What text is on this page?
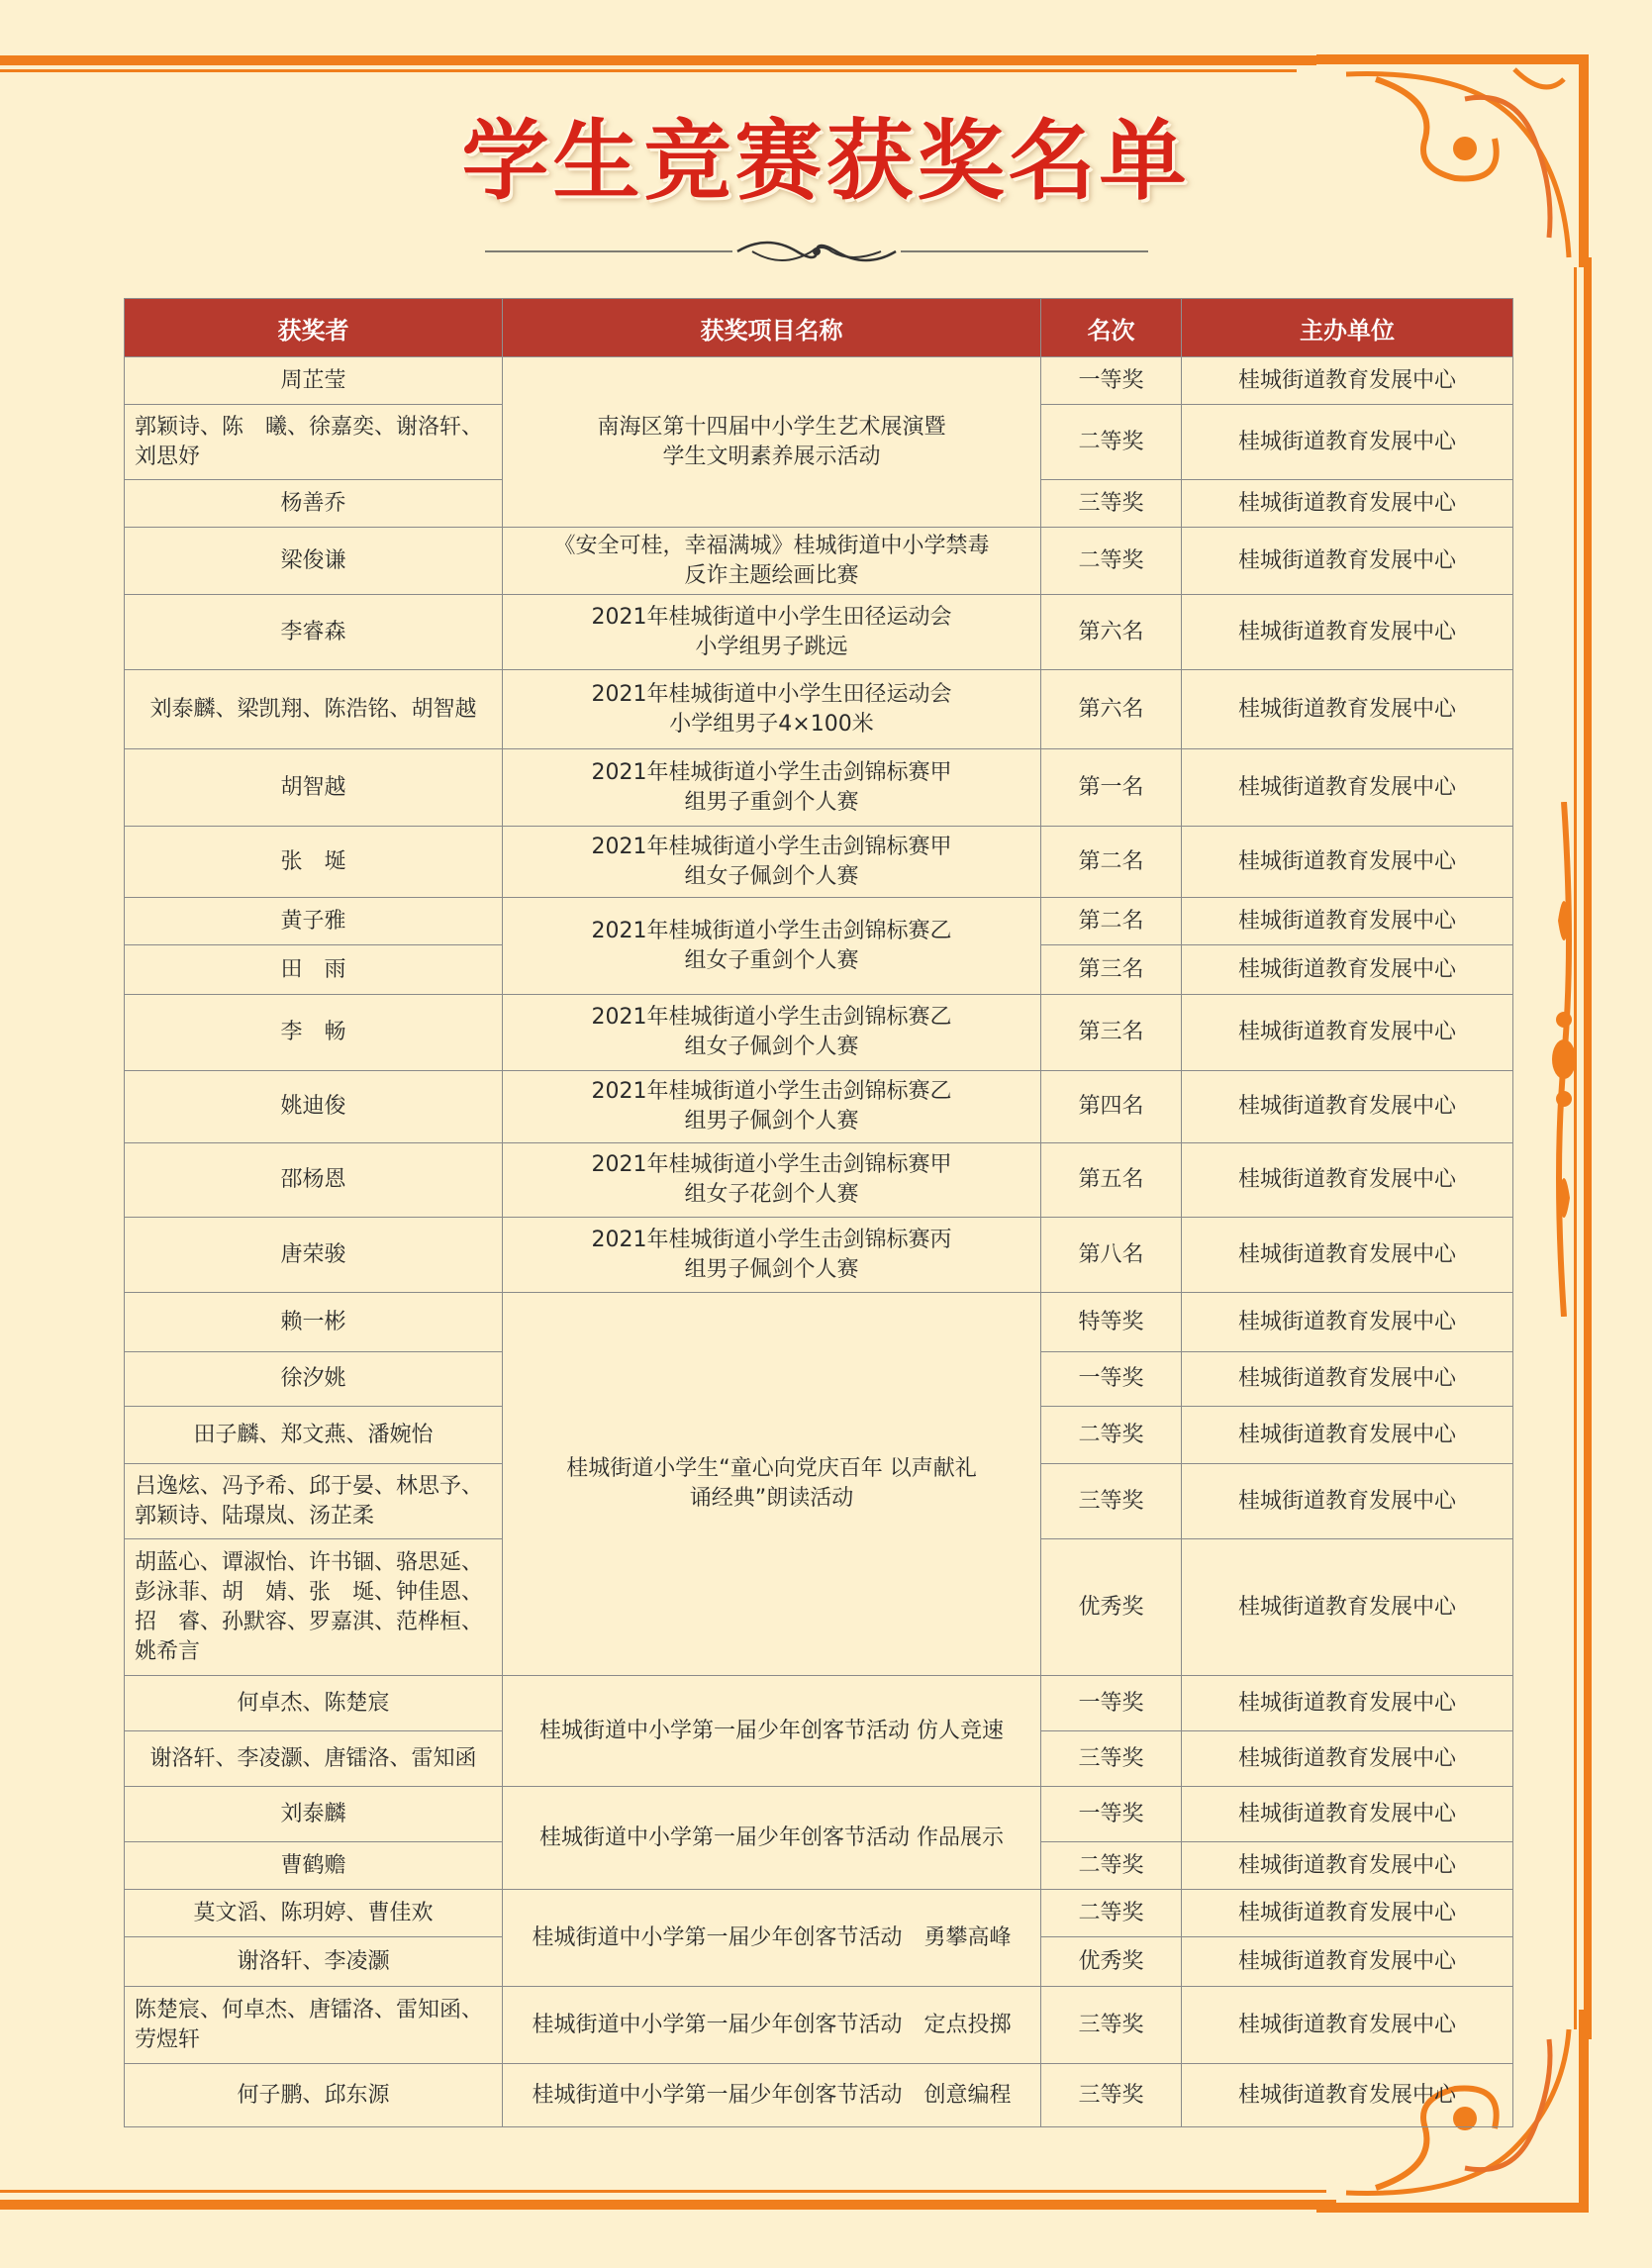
学生竞赛获奖名单
获奖者	获奖项目名称	名次	主办单位
周芷莹	南海区第十四届中小学生艺术展演暨学生文明素养展示活动	一等奖	桂城街道教育发展中心
郭颖诗、陈　曦、徐嘉奕、谢洛轩、刘思妤		二等奖	桂城街道教育发展中心
杨善乔		三等奖	桂城街道教育发展中心
梁俊谦	《安全可桂，幸福满城》桂城街道中小学禁毒反诈主题绘画比赛	二等奖	桂城街道教育发展中心
李睿森	2021年桂城街道中小学生田径运动会小学组男子跳远	第六名	桂城街道教育发展中心
刘泰麟、梁凯翔、陈浩铭、胡智越	2021年桂城街道中小学生田径运动会小学组男子4×100米	第六名	桂城街道教育发展中心
胡智越	2021年桂城街道小学生击剑锦标赛甲组男子重剑个人赛	第一名	桂城街道教育发展中心
张　埏	2021年桂城街道小学生击剑锦标赛甲组女子佩剑个人赛	第二名	桂城街道教育发展中心
黄子雅	2021年桂城街道小学生击剑锦标赛乙组女子重剑个人赛	第二名	桂城街道教育发展中心
田　雨		第三名	桂城街道教育发展中心
李　畅	2021年桂城街道小学生击剑锦标赛乙组女子佩剑个人赛	第三名	桂城街道教育发展中心
姚迪俊	2021年桂城街道小学生击剑锦标赛乙组男子佩剑个人赛	第四名	桂城街道教育发展中心
邵杨恩	2021年桂城街道小学生击剑锦标赛甲组女子花剑个人赛	第五名	桂城街道教育发展中心
唐荣骏	2021年桂城街道小学生击剑锦标赛丙组男子佩剑个人赛	第八名	桂城街道教育发展中心
赖一彬	桂城街道小学生“童心向党庆百年 以声献礼诵经典”朗读活动	特等奖	桂城街道教育发展中心
徐汐姚		一等奖	桂城街道教育发展中心
田子麟、郑文燕、潘婉怡		二等奖	桂城街道教育发展中心
吕逸炫、冯予希、邱于晏、林思予、郭颖诗、陆璟岚、汤芷柔		三等奖	桂城街道教育发展中心
胡蓝心、谭淑怡、许书锢、骆思延、彭泳菲、胡　婧、张　埏、钟佳恩、招　睿、孙默容、罗嘉淇、范桦桓、姚希言		优秀奖	桂城街道教育发展中心
何卓杰、陈楚宸	桂城街道中小学第一届少年创客节活动 仿人竞速	一等奖	桂城街道教育发展中心
谢洛轩、李凌灏、唐镭洛、雷知函		三等奖	桂城街道教育发展中心
刘泰麟	桂城街道中小学第一届少年创客节活动 作品展示	一等奖	桂城街道教育发展中心
曹鹤赡		二等奖	桂城街道教育发展中心
莫文滔、陈玥婷、曹佳欢	桂城街道中小学第一届少年创客节活动　勇攀高峰	二等奖	桂城街道教育发展中心
谢洛轩、李凌灏		优秀奖	桂城街道教育发展中心
陈楚宸、何卓杰、唐镭洛、雷知函、劳煜轩	桂城街道中小学第一届少年创客节活动　定点投掷	三等奖	桂城街道教育发展中心
何子鹏、邱东源	桂城街道中小学第一届少年创客节活动　创意编程	三等奖	桂城街道教育发展中心
